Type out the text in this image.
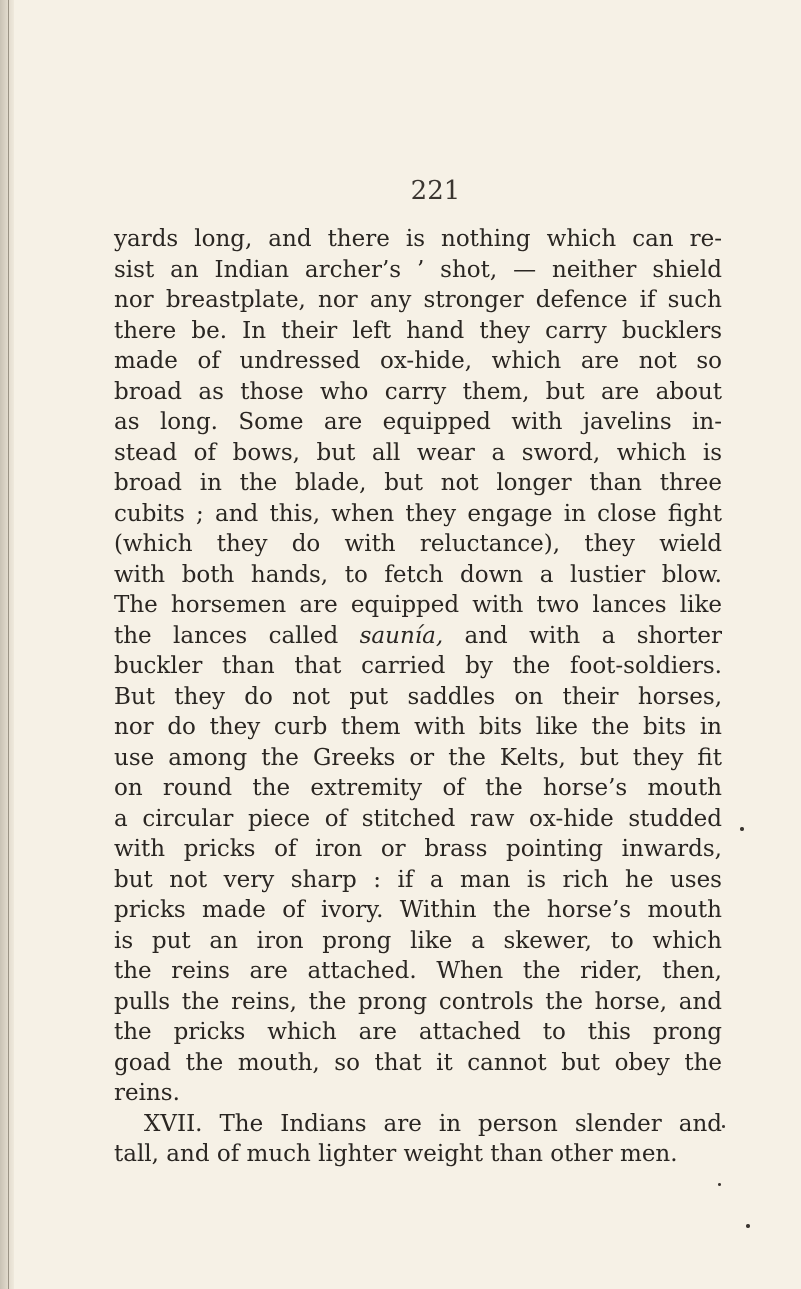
221
yards long, and there is nothing which can re-
sist an Indian archer’s ’ shot, — neither shield
nor breastplate, nor any stronger defence if such
there be. In their left hand they carry bucklers
made of undressed ox-hide, which are not so
broad as those who carry them, but are about
as long. Some are equipped with javelins in-
stead of bows, but all wear a sword, which is
broad in the blade, but not longer than three
cubits ; and this, when they engage in close fight
(which they do with reluctance), they wield
with both hands, to fetch down a lustier blow.
The horsemen are equipped with two lances like
the lances called sauníа, and with a shorter
buckler than that carried by the foot-soldiers.
But they do not put saddles on their horses,
nor do they curb them with bits like the bits in
use among the Greeks or the Kelts, but they fit
on round the extremity of the horse’s mouth
a circular piece of stitched raw ox-hide studded
with pricks of iron or brass pointing inwards,
but not very sharp : if a man is rich he uses
pricks made of ivory. Within the horse’s mouth
is put an iron prong like a skewer, to which
the reins are attached. When the rider, then,
pulls the reins, the prong controls the horse, and
the pricks which are attached to this prong
goad the mouth, so that it cannot but obey the
reins.
XVII. The Indians are in person slender and
tall, and of much lighter weight than other men.
